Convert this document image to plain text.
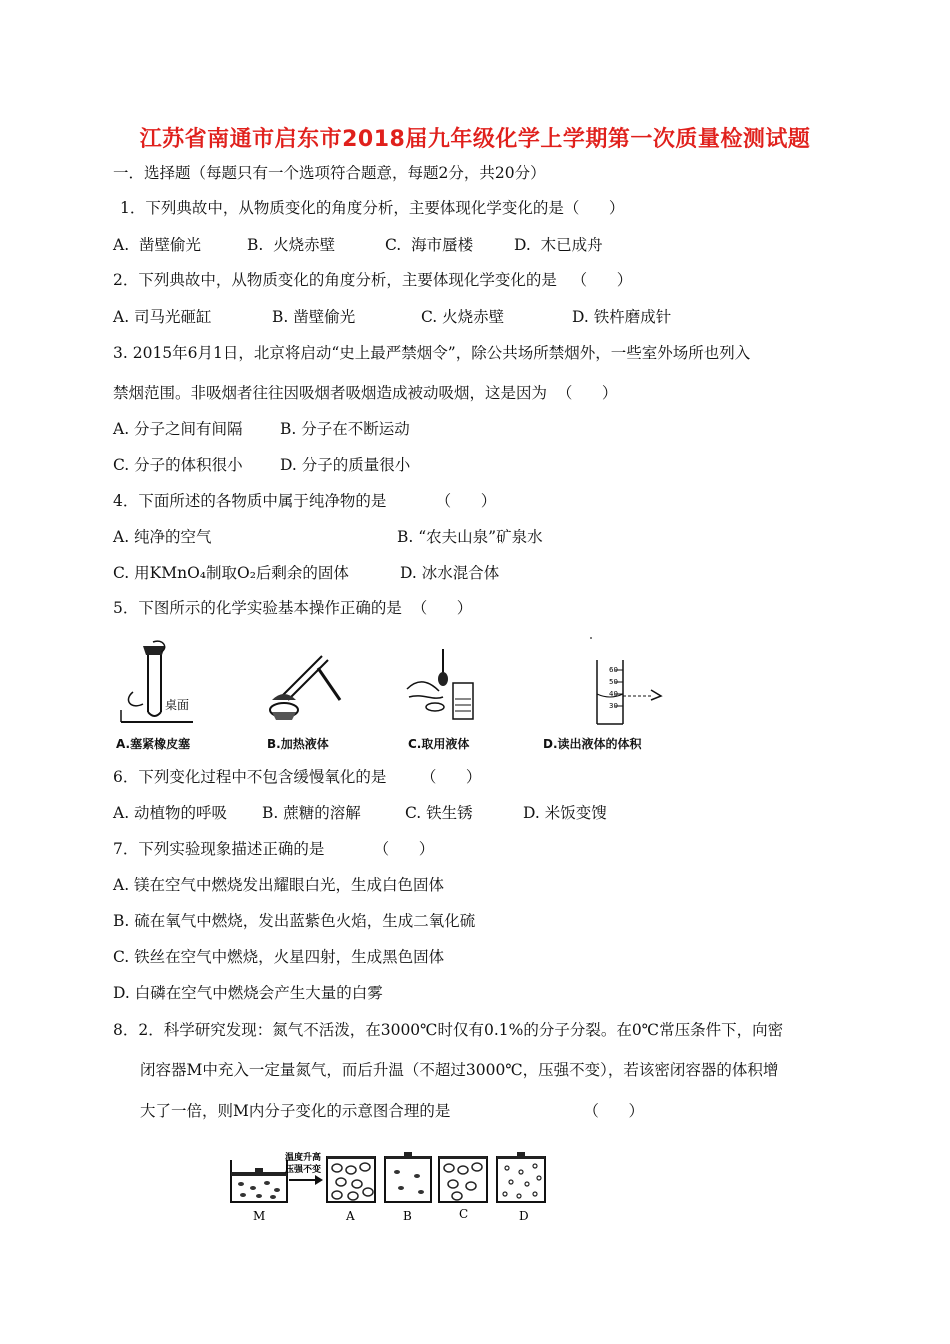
江苏省南通市启东市2018届九年级化学上学期第一次质量检测试题
一．选择题（每题只有一个选项符合题意，每题2分，共20分）
1．下列典故中，从物质变化的角度分析，主要体现化学变化的是（      ）
A.  凿壁偷光	B.  火烧赤壁	C.  海市蜃楼	D.  木已成舟
2．下列典故中，从物质变化的角度分析，主要体现化学变化的是   （      ）
A. 司马光砸缸	B. 凿壁偷光	C. 火烧赤壁	D. 铁杵磨成针
3. 2015年6月1日，北京将启动“史上最严禁烟令”，除公共场所禁烟外，一些室外场所也列入
禁烟范围。非吸烟者往往因吸烟者吸烟造成被动吸烟，这是因为  （      ）
A. 分子之间有间隔 B. 分子在不断运动
C. 分子的体积很小 D. 分子的质量很小
4．下面所述的各物质中属于纯净物的是          （      ）
A. 纯净的空气	B. “农夫山泉”矿泉水
C. 用KMnO₄制取O₂后剩余的固体	D. 冰水混合体
5．下图所示的化学实验基本操作正确的是  （      ）
桌面
A.塞紧橡皮塞	B.加热液体	C.取用液体
60
50
40
30
D.读出液体的体积
6．下列变化过程中不包含缓慢氧化的是       （      ）
A. 动植物的呼吸 B. 蔗糖的溶解	C. 铁生锈	D. 米饭变馊
7．下列实验现象描述正确的是          （      ）
A. 镁在空气中燃烧发出耀眼白光，生成白色固体
B. 硫在氧气中燃烧，发出蓝紫色火焰，生成二氧化硫
C. 铁丝在空气中燃烧，火星四射，生成黑色固体
D. 白磷在空气中燃烧会产生大量的白雾
8．2．科学研究发现：氮气不活泼，在3000℃时仅有0.1%的分子分裂。在0℃常压条件下，向密
闭容器M中充入一定量氮气，而后升温（不超过3000℃，压强不变），若该密闭容器的体积增
大了一倍，则M内分子变化的示意图合理的是                           （      ）
温度升高
压强不变
M	A	B	C	D
